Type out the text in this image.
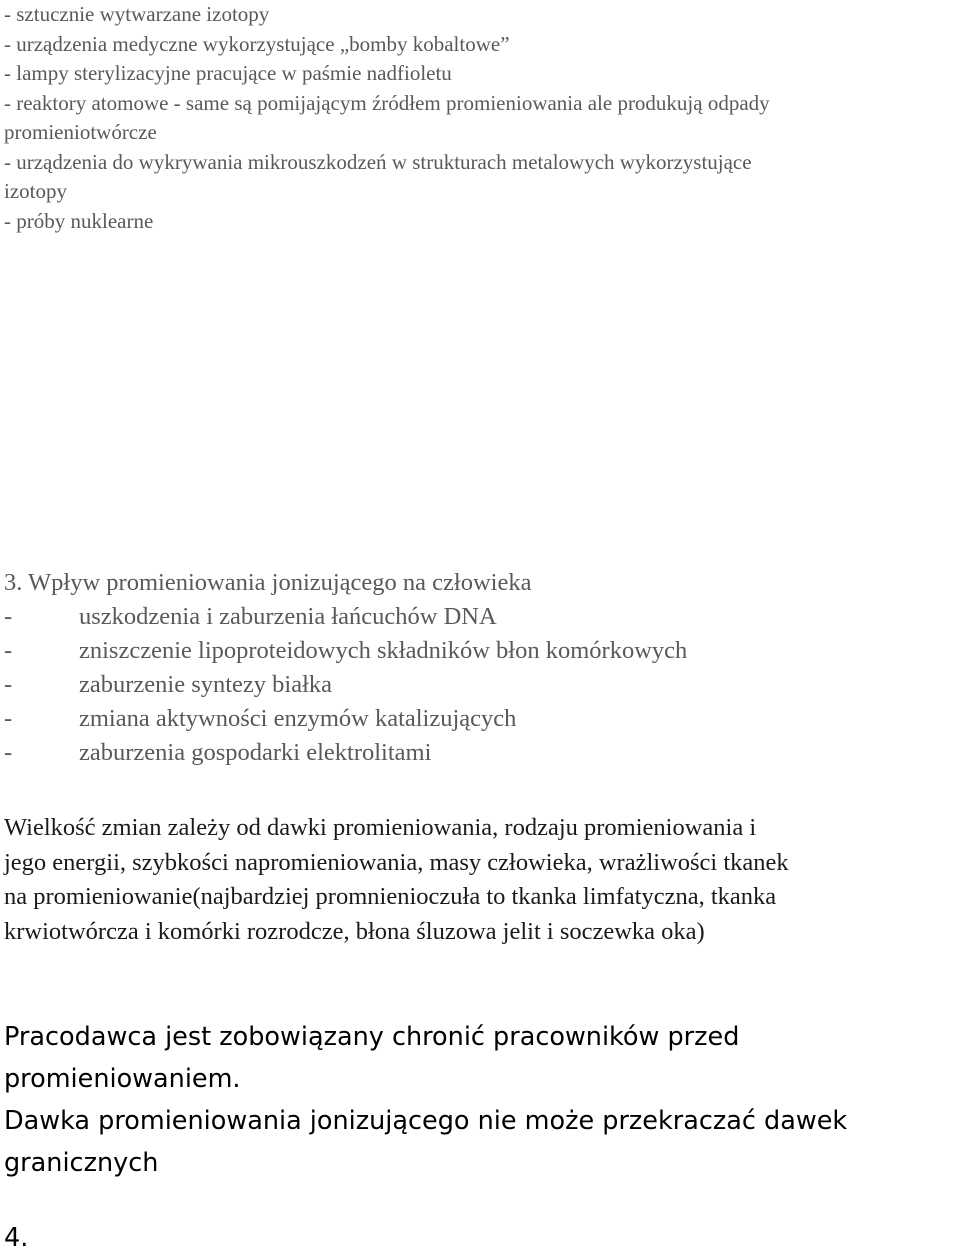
- sztucznie wytwarzane izotopy
- urządzenia medyczne wykorzystujące „bomby kobaltowe”
- lampy sterylizacyjne pracujące w paśmie nadfioletu
- reaktory atomowe - same są pomijającym źródłem promieniowania ale produkują odpady
promieniotwórcze
- urządzenia do wykrywania mikrouszkodzeń w strukturach metalowych wykorzystujące
izotopy
- próby nuklearne
3. Wpływ promieniowania jonizującego na człowieka
-	uszkodzenia i zaburzenia łańcuchów DNA
-	zniszczenie lipoproteidowych składników błon komórkowych
-	zaburzenie syntezy białka
-	zmiana aktywności enzymów katalizujących
-	zaburzenia gospodarki elektrolitami
Wielkość zmian zależy od dawki promieniowania, rodzaju promieniowania i
jego energii, szybkości napromieniowania, masy człowieka, wrażliwości tkanek
na promieniowanie(najbardziej promnienioczuła to tkanka limfatyczna, tkanka
krwiotwórcza i komórki rozrodcze, błona śluzowa jelit i soczewka oka)
Pracodawca jest zobowiązany chronić pracowników przed
promieniowaniem.
Dawka promieniowania jonizującego nie może przekraczać dawek
granicznych
4.
